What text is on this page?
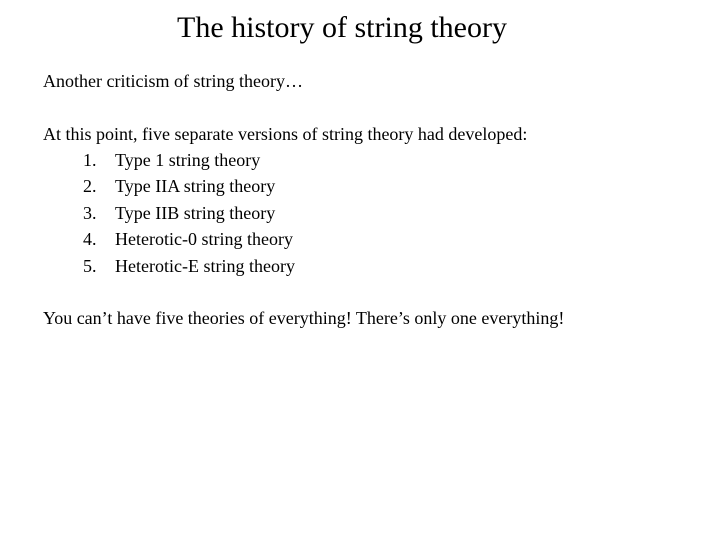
The history of string theory
Another criticism of string theory…
At this point, five separate versions of string theory had developed:
1. Type 1 string theory
2. Type IIA string theory
3. Type IIB string theory
4. Heterotic-0 string theory
5. Heterotic-E string theory
You can’t have five theories of everything! There’s only one everything!
